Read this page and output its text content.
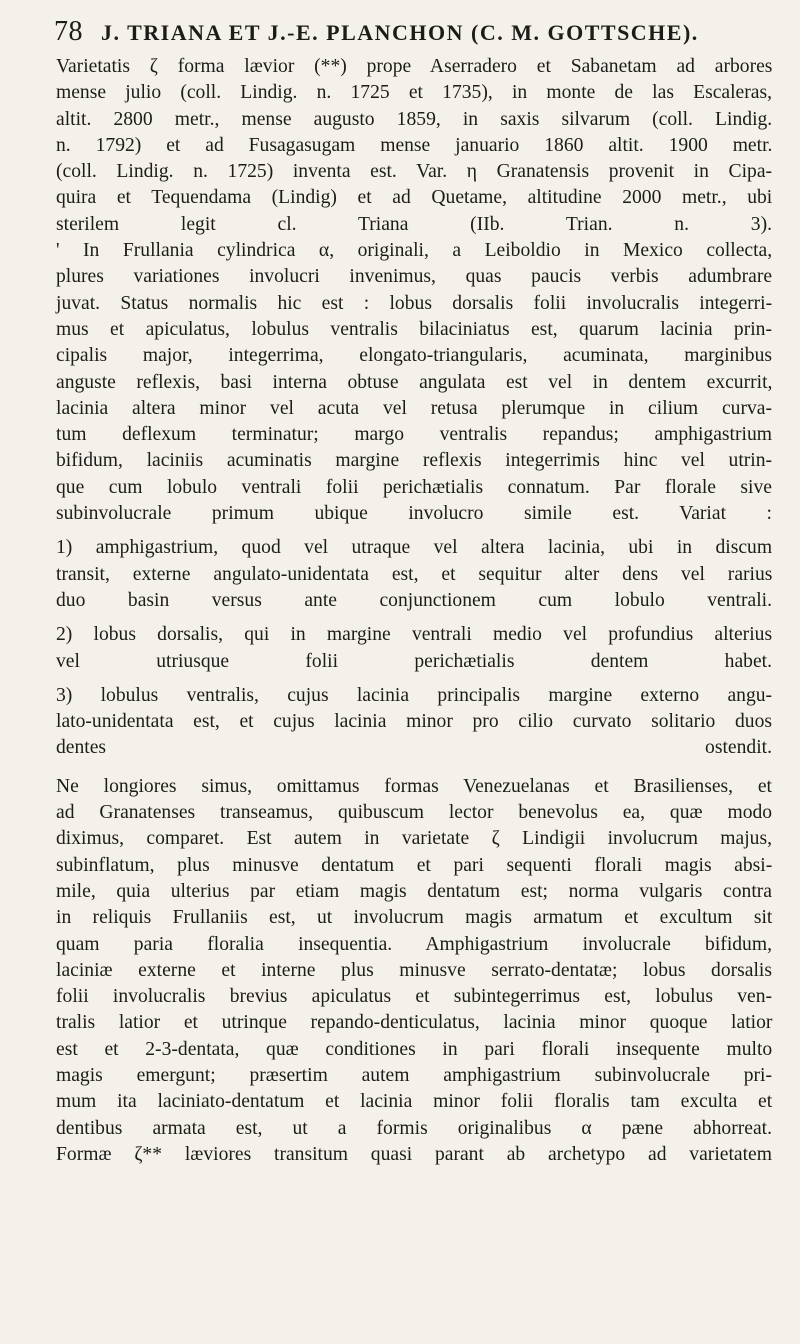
78 J. TRIANA ET J.-E. PLANCHON (C. M. GOTTSCHE).
Varietatis ζ forma lævior (**) prope Aserradero et Sabanetam ad arbores
mense julio (coll. Lindig. n. 1725 et 1735), in monte de las Escaleras,
altit. 2800 metr., mense augusto 1859, in saxis silvarum (coll. Lindig.
n. 1792) et ad Fusagasugam mense januario 1860 altit. 1900 metr.
(coll. Lindig. n. 1725) inventa est. Var. η Granatensis provenit in Cipa-
quira et Tequendama (Lindig) et ad Quetame, altitudine 2000 metr., ubi
sterilem legit cl. Triana (IIb. Trian. n. 3).
' In Frullania cylindrica α, originali, a Leiboldio in Mexico collecta,
plures variationes involucri invenimus, quas paucis verbis adumbrare
juvat. Status normalis hic est : lobus dorsalis folii involucralis integerri-
mus et apiculatus, lobulus ventralis bilaciniatus est, quarum lacinia prin-
cipalis major, integerrima, elongato-triangularis, acuminata, marginibus
anguste reflexis, basi interna obtuse angulata est vel in dentem excurrit,
lacinia altera minor vel acuta vel retusa plerumque in cilium curva-
tum deflexum terminatur; margo ventralis repandus; amphigastrium
bifidum, laciniis acuminatis margine reflexis integerrimis hinc vel utrin-
que cum lobulo ventrali folii perichætialis connatum. Par florale sive
subinvolucrale primum ubique involucro simile est. Variat :
1) amphigastrium, quod vel utraque vel altera lacinia, ubi in discum
transit, externe angulato-unidentata est, et sequitur alter dens vel rarius
duo basin versus ante conjunctionem cum lobulo ventrali.
2) lobus dorsalis, qui in margine ventrali medio vel profundius alterius
vel utriusque folii perichætialis dentem habet.
3) lobulus ventralis, cujus lacinia principalis margine externo angu-
lato-unidentata est, et cujus lacinia minor pro cilio curvato solitario duos
dentes ostendit.
Ne longiores simus, omittamus formas Venezuelanas et Brasilienses, et
ad Granatenses transeamus, quibuscum lector benevolus ea, quæ modo
diximus, comparet. Est autem in varietate ζ Lindigii involucrum majus,
subinflatum, plus minusve dentatum et pari sequenti florali magis absi-
mile, quia ulterius par etiam magis dentatum est; norma vulgaris contra
in reliquis Frullaniis est, ut involucrum magis armatum et excultum sit
quam paria floralia insequentia. Amphigastrium involucrale bifidum,
laciniæ externe et interne plus minusve serrato-dentatæ; lobus dorsalis
folii involucralis brevius apiculatus et subintegerrimus est, lobulus ven-
tralis latior et utrinque repando-denticulatus, lacinia minor quoque latior
est et 2-3-dentata, quæ conditiones in pari florali insequente multo
magis emergunt; præsertim autem amphigastrium subinvolucrale pri-
mum ita laciniato-dentatum et lacinia minor folii floralis tam exculta et
dentibus armata est, ut a formis originalibus α pæne abhorreat.
Formæ ζ** læviores transitum quasi parant ab archetypo ad varietatem
